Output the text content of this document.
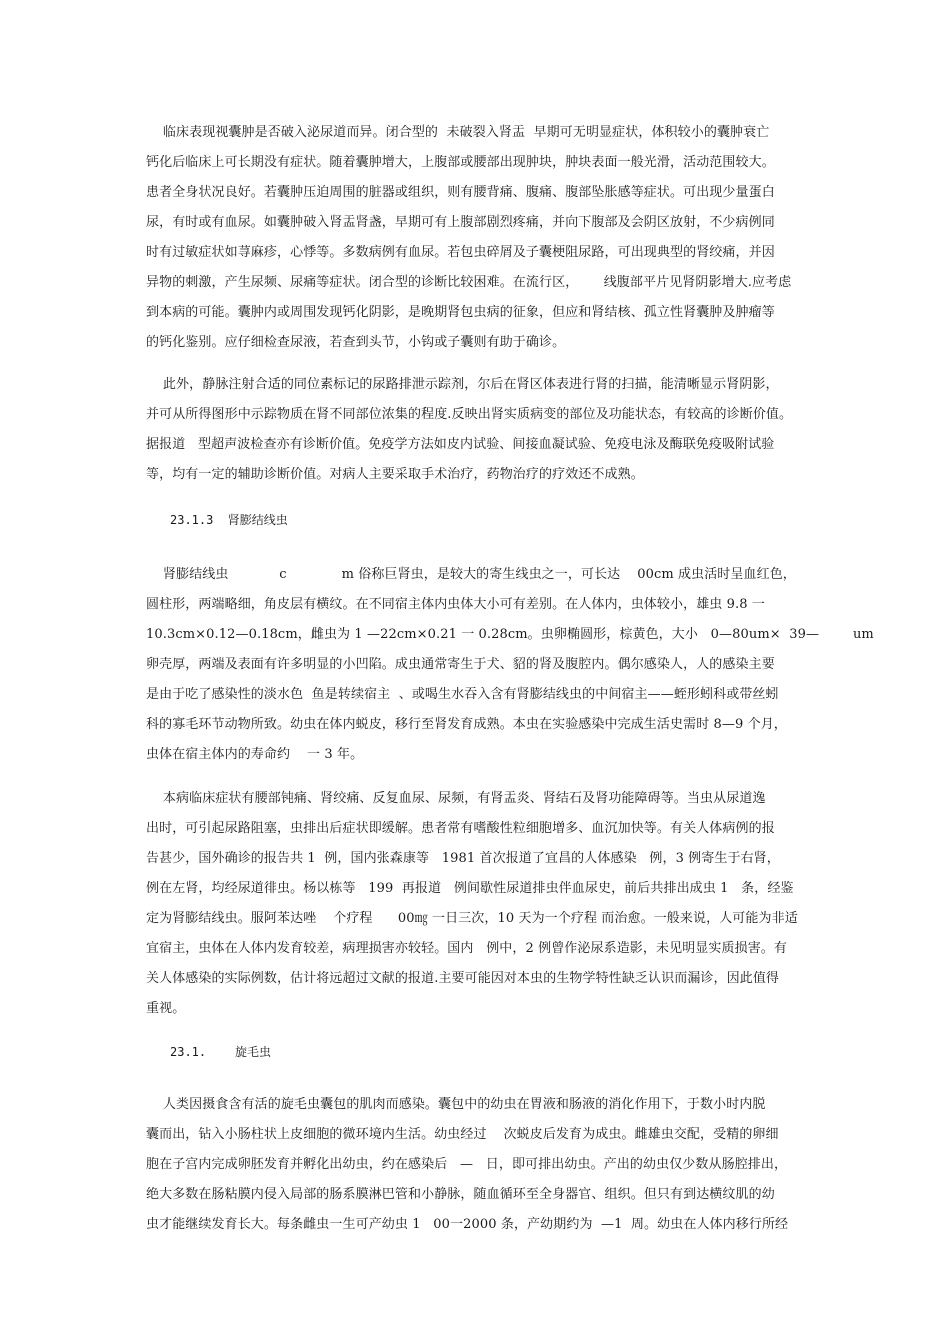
临床表现视囊肿是否破入泌尿道而异。闭合型的  未破裂入肾盂  早期可无明显症状，体积较小的囊肿衰亡
钙化后临床上可长期没有症状。随着囊肿增大，上腹部或腰部出现肿块，肿块表面一般光滑，活动范围较大。
患者全身状况良好。若囊肿压迫周围的脏器或组织，则有腰背痛、腹痛、腹部坠胀感等症状。可出现少量蛋白
尿，有时或有血尿。如囊肿破入肾盂肾盏，早期可有上腹部剧烈疼痛，并向下腹部及会阴区放射，不少病例同
时有过敏症状如荨麻疹，心悸等。多数病例有血尿。若包虫碎屑及子囊梗阻尿路，可出现典型的肾绞痛，并因
异物的刺激，产生尿频、尿痛等症状。闭合型的诊断比较困难。在流行区，      线腹部平片见肾阴影增大.应考虑
到本病的可能。囊肿内或周围发现钙化阴影，是晚期肾包虫病的征象，但应和肾结核、孤立性肾囊肿及肿瘤等
的钙化鉴别。应仔细检查尿液，若查到头节，小钩或子囊则有助于确诊。
此外，静脉注射合适的同位素标记的尿路排泄示踪剂，尔后在肾区体表进行肾的扫描，能清晰显示肾阴影，
并可从所得图形中示踪物质在肾不同部位浓集的程度.反映出肾实质病变的部位及功能状态，有较高的诊断价值。
据报道   型超声波检查亦有诊断价值。免疫学方法如皮内试验、间接血凝试验、免疫电泳及酶联免疫吸附试验
等，均有一定的辅助诊断价值。对病人主要采取手术治疗，药物治疗的疗效还不成熟。
23.1.3  肾膨结线虫
肾膨结线虫            c             m 俗称巨肾虫，是较大的寄生线虫之一，可长达    00cm 成虫活时呈血红色，
圆柱形，两端略细，角皮层有横纹。在不同宿主体内虫体大小可有差别。在人体内，虫体较小，雄虫 9.8 一
10.3cm×0.12—0.18cm，雌虫为 1 —22cm×0.21 一 0.28cm。虫卵椭圆形，棕黄色，大小   0—80um×  39—        um
卵壳厚，两端及表面有许多明显的小凹陷。成虫通常寄生于犬、貂的肾及腹腔内。偶尔感染人，人的感染主要
是由于吃了感染性的淡水色  鱼是转续宿主  、或喝生水吞入含有肾膨结线虫的中间宿主——蛭形蚓科或带丝蚓
科的寡毛环节动物所致。幼虫在体内蜕皮，移行至肾发育成熟。本虫在实验感染中完成生活史需时 8—9 个月，
虫体在宿主体内的寿命约    一 3 年。
本病临床症状有腰部钝痛、肾绞痛、反复血尿、尿频，有肾盂炎、肾结石及肾功能障碍等。当虫从尿道逸
出时，可引起尿路阻塞，虫排出后症状即缓解。患者常有嗜酸性粒细胞增多、血沉加快等。有关人体病例的报
告甚少，国外确诊的报告共 1  例，国内张森康等   1981 首次报道了宜昌的人体感染   例，3 例寄生于右肾，
例在左肾，均经尿道徘虫。杨以栋等   199  再报道   例间歇性尿道排虫伴血尿史，前后共排出成虫 1   条，经鉴
定为肾膨结线虫。服阿苯达唑    个疗程      00㎎ 一日三次，10 天为一个疗程 而治愈。一般来说，人可能为非适
宜宿主，虫体在人体内发育较差，病理损害亦较轻。国内   例中，2 例曾作泌尿系造影，未见明显实质损害。有
关人体感染的实际例数，估计将远超过文献的报道.主要可能因对本虫的生物学特性缺乏认识而漏诊，因此值得
重视。
23.1.    旋毛虫
人类因摄食含有活的旋毛虫囊包的肌肉而感染。囊包中的幼虫在胃液和肠液的消化作用下，于数小时内脱
囊而出，钻入小肠柱状上皮细胞的微环境内生活。幼虫经过    次蜕皮后发育为成虫。雌雄虫交配，受精的卵细
胞在子宫内完成卵胚发育并孵化出幼虫，约在感染后   —   日，即可排出幼虫。产出的幼虫仅少数从肠腔排出，
绝大多数在肠粘膜内侵入局部的肠系膜淋巴管和小静脉，随血循环至全身器官、组织。但只有到达横纹肌的幼
虫才能继续发育长大。每条雌虫一生可产幼虫 1   00一2000 条，产幼期约为  —1  周。幼虫在人体内移行所经
